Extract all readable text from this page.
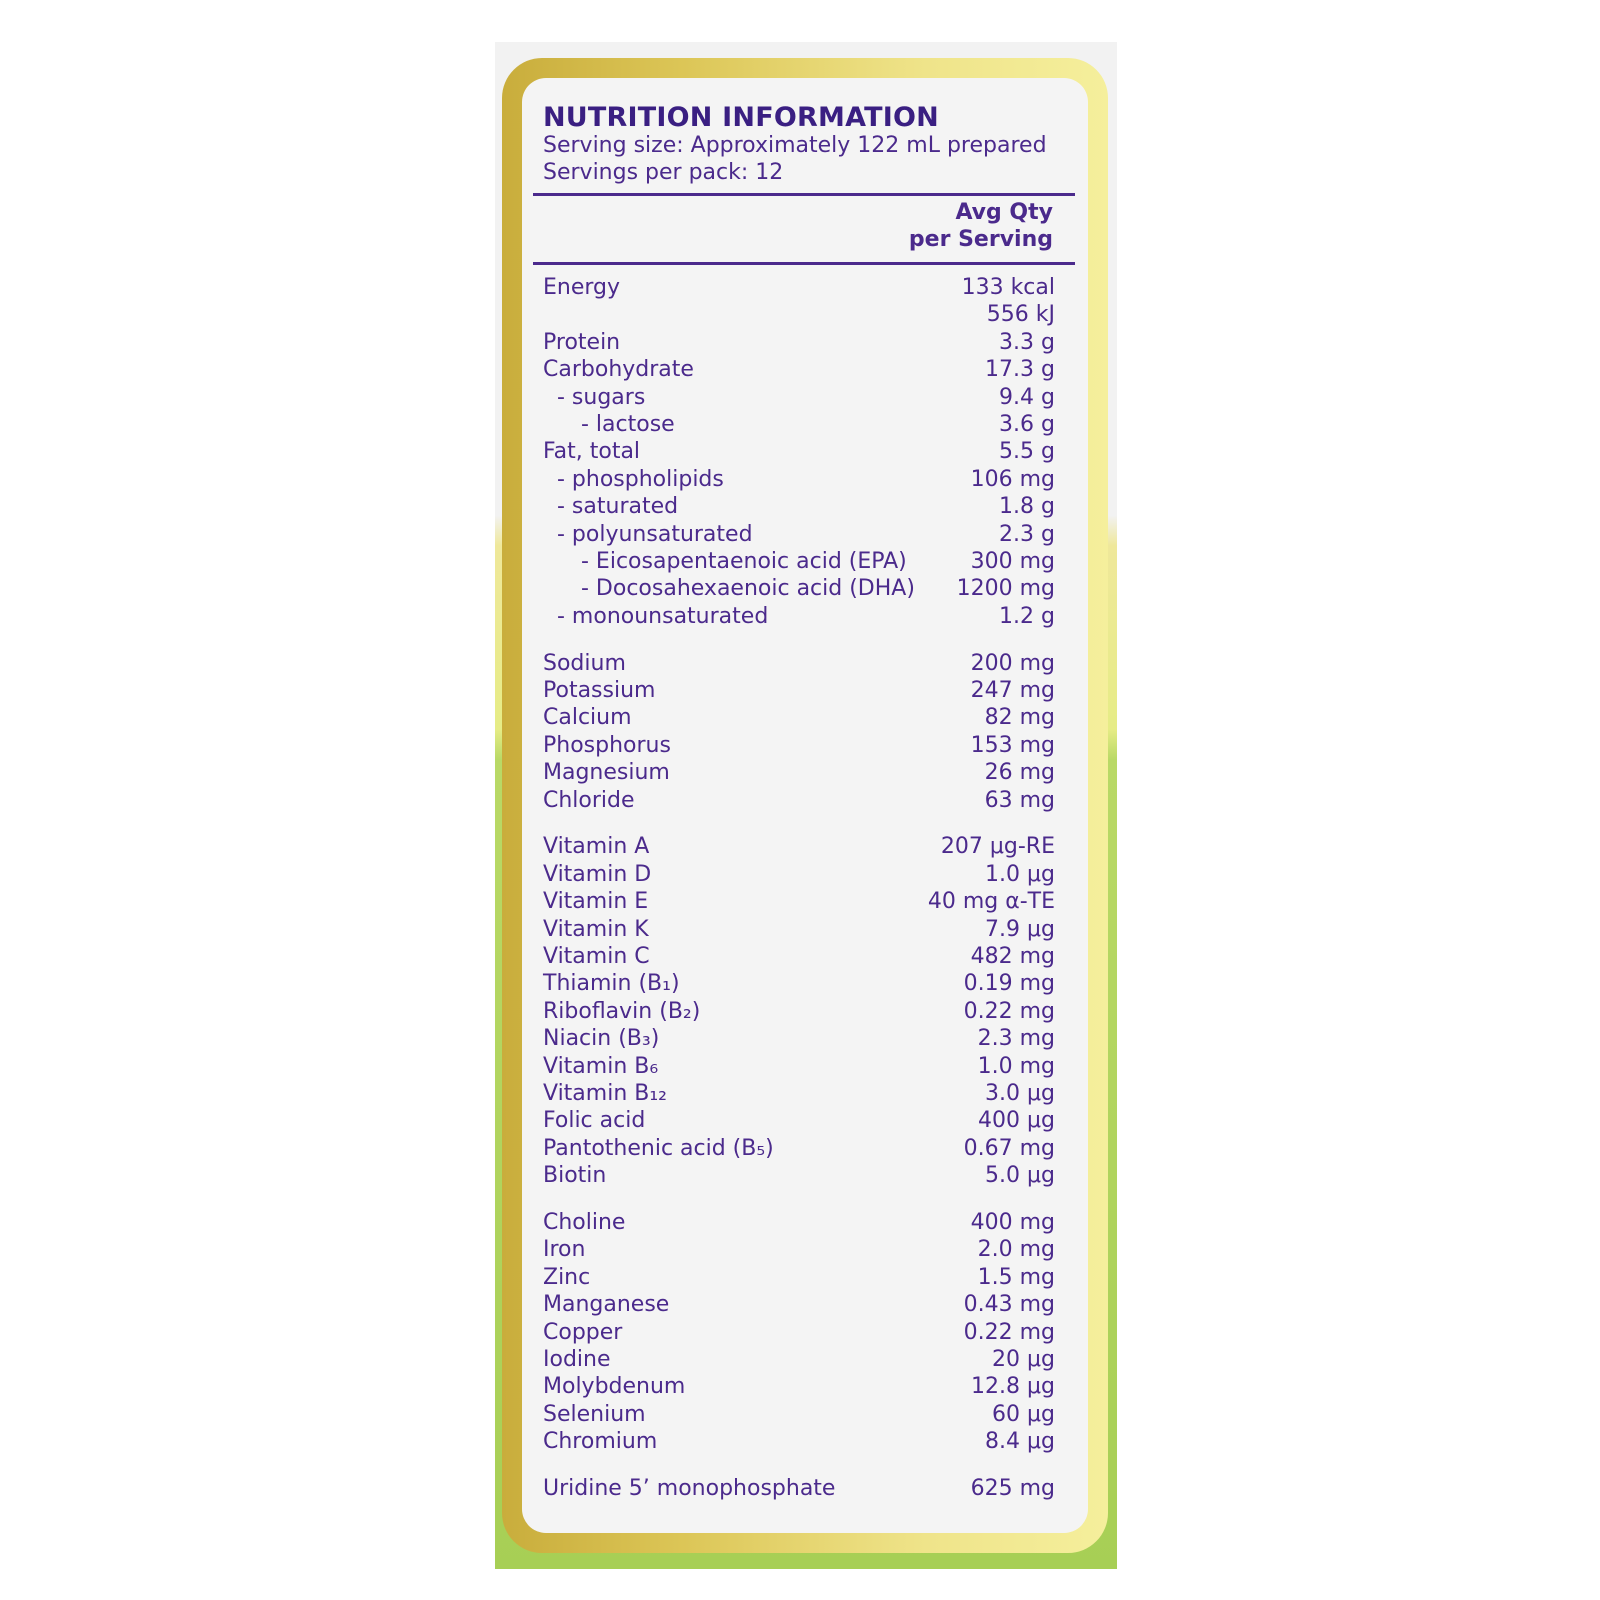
NUTRITION INFORMATION
Serving size: Approximately 122 mL prepared
Servings per pack: 12
Avg Qty
per Serving
Energy	133 kcal
556 kJ
Protein	3.3 g
Carbohydrate	17.3 g
- sugars	9.4 g
- lactose	3.6 g
Fat, total	5.5 g
- phospholipids	106 mg
- saturated	1.8 g
- polyunsaturated	2.3 g
- Eicosapentaenoic acid (EPA)	300 mg
- Docosahexaenoic acid (DHA)	1200 mg
- monounsaturated	1.2 g
Sodium	200 mg
Potassium	247 mg
Calcium	82 mg
Phosphorus	153 mg
Magnesium	26 mg
Chloride	63 mg
Vitamin A	207 μg-RE
Vitamin D	1.0 μg
Vitamin E	40 mg α-TE
Vitamin K	7.9 μg
Vitamin C	482 mg
Thiamin (B₁)	0.19 mg
Riboflavin (B₂)	0.22 mg
Niacin (B₃)	2.3 mg
Vitamin B₆	1.0 mg
Vitamin B₁₂	3.0 μg
Folic acid	400 μg
Pantothenic acid (B₅)	0.67 mg
Biotin	5.0 μg
Choline	400 mg
Iron	2.0 mg
Zinc	1.5 mg
Manganese	0.43 mg
Copper	0.22 mg
Iodine	20 μg
Molybdenum	12.8 μg
Selenium	60 μg
Chromium	8.4 μg
Uridine 5’ monophosphate	625 mg
